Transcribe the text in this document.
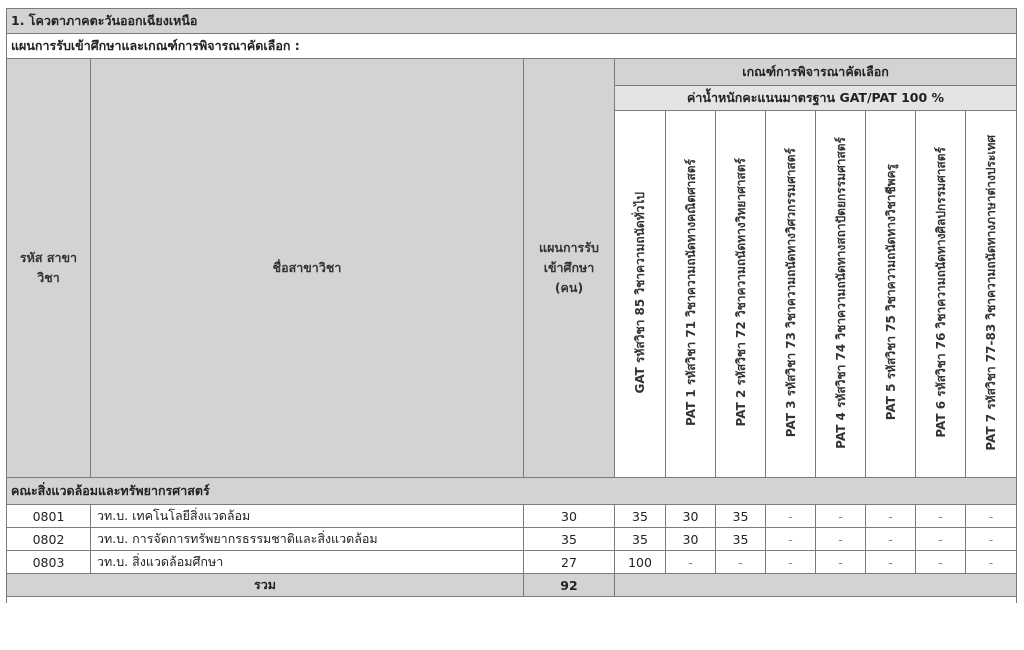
1. โควตาภาคตะวันออกเฉียงเหนือ										
แผนการรับเข้าศึกษาและเกณฑ์การพิจารณาคัดเลือก :										
รหัส สาขาวิชา	ชื่อสาขาวิชา	แผนการรับ เข้าศึกษา (คน)	เกณฑ์การพิจารณาคัดเลือก							
			ค่าน้ำหนักคะแนนมาตรฐาน GAT/PAT 100 %							
			GAT รหัสวิชา 85 วิชาความถนัดทั่วไป	PAT 1 รหัสวิชา 71 วิชาความถนัดทางคณิตศาสตร์	PAT 2 รหัสวิชา 72 วิชาความถนัดทางวิทยาศาสตร์	PAT 3 รหัสวิชา 73 วิชาความถนัดทางวิศวกรรมศาสตร์	PAT 4 รหัสวิชา 74 วิชาความถนัดทางสถาปัตยกรรมศาสตร์	PAT 5 รหัสวิชา 75 วิชาความถนัดทางวิชาชีพครู	PAT 6 รหัสวิชา 76 วิชาความถนัดทางศิลปกรรมศาสตร์	PAT 7 รหัสวิชา 77-83 วิชาความถนัดทางภาษาต่างประเทศ
คณะสิ่งแวดล้อมและทรัพยากรศาสตร์										
0801	วท.บ. เทคโนโลยีสิ่งแวดล้อม	30	35	30	35	-	-	-	-	-
0802	วท.บ. การจัดการทรัพยากรธรรมชาติและสิ่งแวดล้อม	35	35	30	35	-	-	-	-	-
0803	วท.บ. สิ่งแวดล้อมศึกษา	27	100	-	-	-	-	-	-	-
รวม		92								
